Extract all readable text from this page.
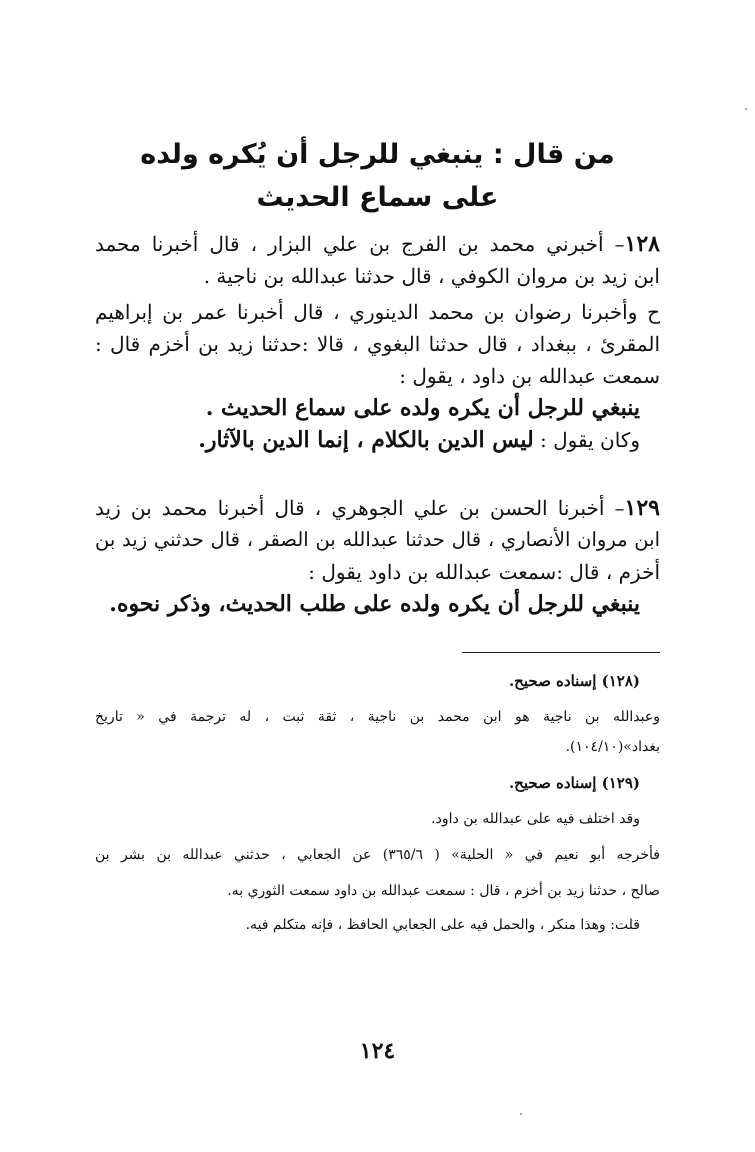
من قال : ينبغي للرجل أن يُكره ولده
على سماع الحديث
١٢٨– أخبرني محمد بن الفرج بن علي البزار ، قال أخبرنا محمد
ابن زيد بن مروان الكوفي ، قال حدثنا عبدالله بن ناجية .
ح وأخبرنا رضوان بن محمد الدينوري ، قال أخبرنا عمر بن إبراهيم
المقرئ ، ببغداد ، قال حدثنا البغوي ، قالا :حدثنا زيد بن أخزم قال :
سمعت عبدالله بن داود ، يقول :
ينبغي للرجل أن يكره ولده على سماع الحديث .
وكان يقول : ليس الدين بالكلام ، إنما الدين بالآثار.
١٢٩– أخبرنا الحسن بن علي الجوهري ، قال أخبرنا محمد بن زيد
ابن مروان الأنصاري ، قال حدثنا عبدالله بن الصقر ، قال حدثني زيد بن
أخزم ، قال :سمعت عبدالله بن داود يقول :
ينبغي للرجل أن يكره ولده على طلب الحديث، وذكر نحوه.
(١٢٨) إسناده صحيح.
وعبدالله بن ناجية هو ابن محمد بن ناجية ، ثقة ثبت ، له ترجمة في « تاريخ
بغداد»(١٠٤/١٠).
(١٢٩) إسناده صحيح.
وقد اختلف فيه على عبدالله بن داود.
فأخرجه أبو نعيم في « الحلية» ( ٣٦٥/٦) عن الجعابي ، حدثني عبدالله بن بشر بن
صالح ، حدثنا زيد بن أخزم ، قال : سمعت عبدالله بن داود سمعت الثوري به.
قلت: وهذا منكر ، والحمل فيه على الجعابي الحافظ ، فإنه متكلم فيه.
١٢٤
